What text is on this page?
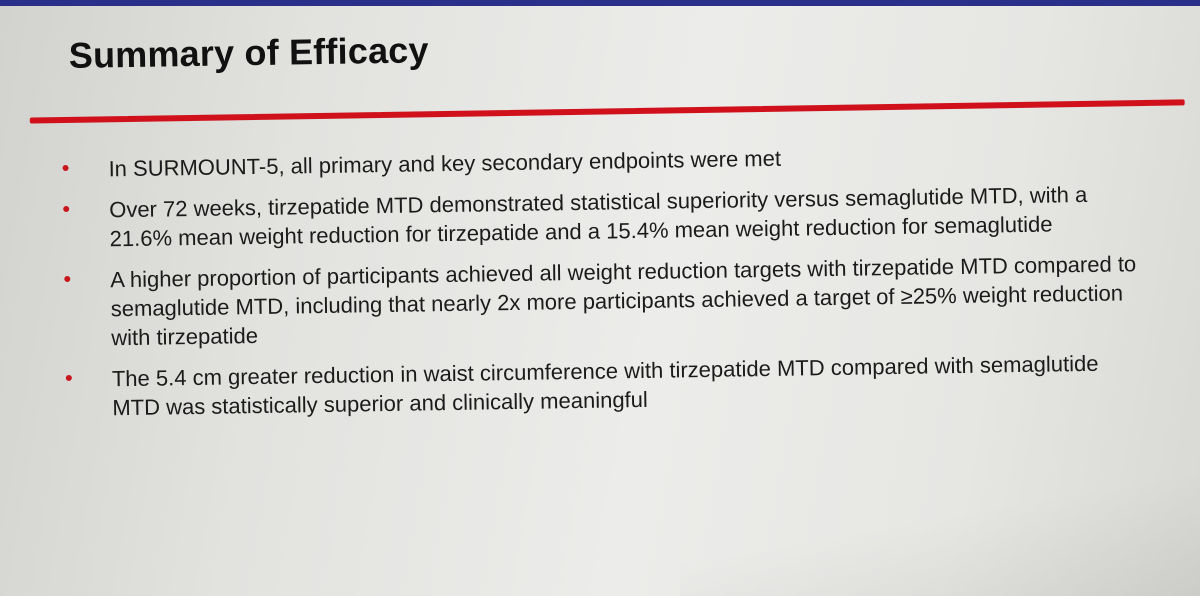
Summary of Efficacy
In SURMOUNT-5, all primary and key secondary endpoints were met
Over 72 weeks, tirzepatide MTD demonstrated statistical superiority versus semaglutide MTD, with a 21.6% mean weight reduction for tirzepatide and a 15.4% mean weight reduction for semaglutide
A higher proportion of participants achieved all weight reduction targets with tirzepatide MTD compared to semaglutide MTD, including that nearly 2x more participants achieved a target of ≥25% weight reduction with tirzepatide
The 5.4 cm greater reduction in waist circumference with tirzepatide MTD compared with semaglutide MTD was statistically superior and clinically meaningful
